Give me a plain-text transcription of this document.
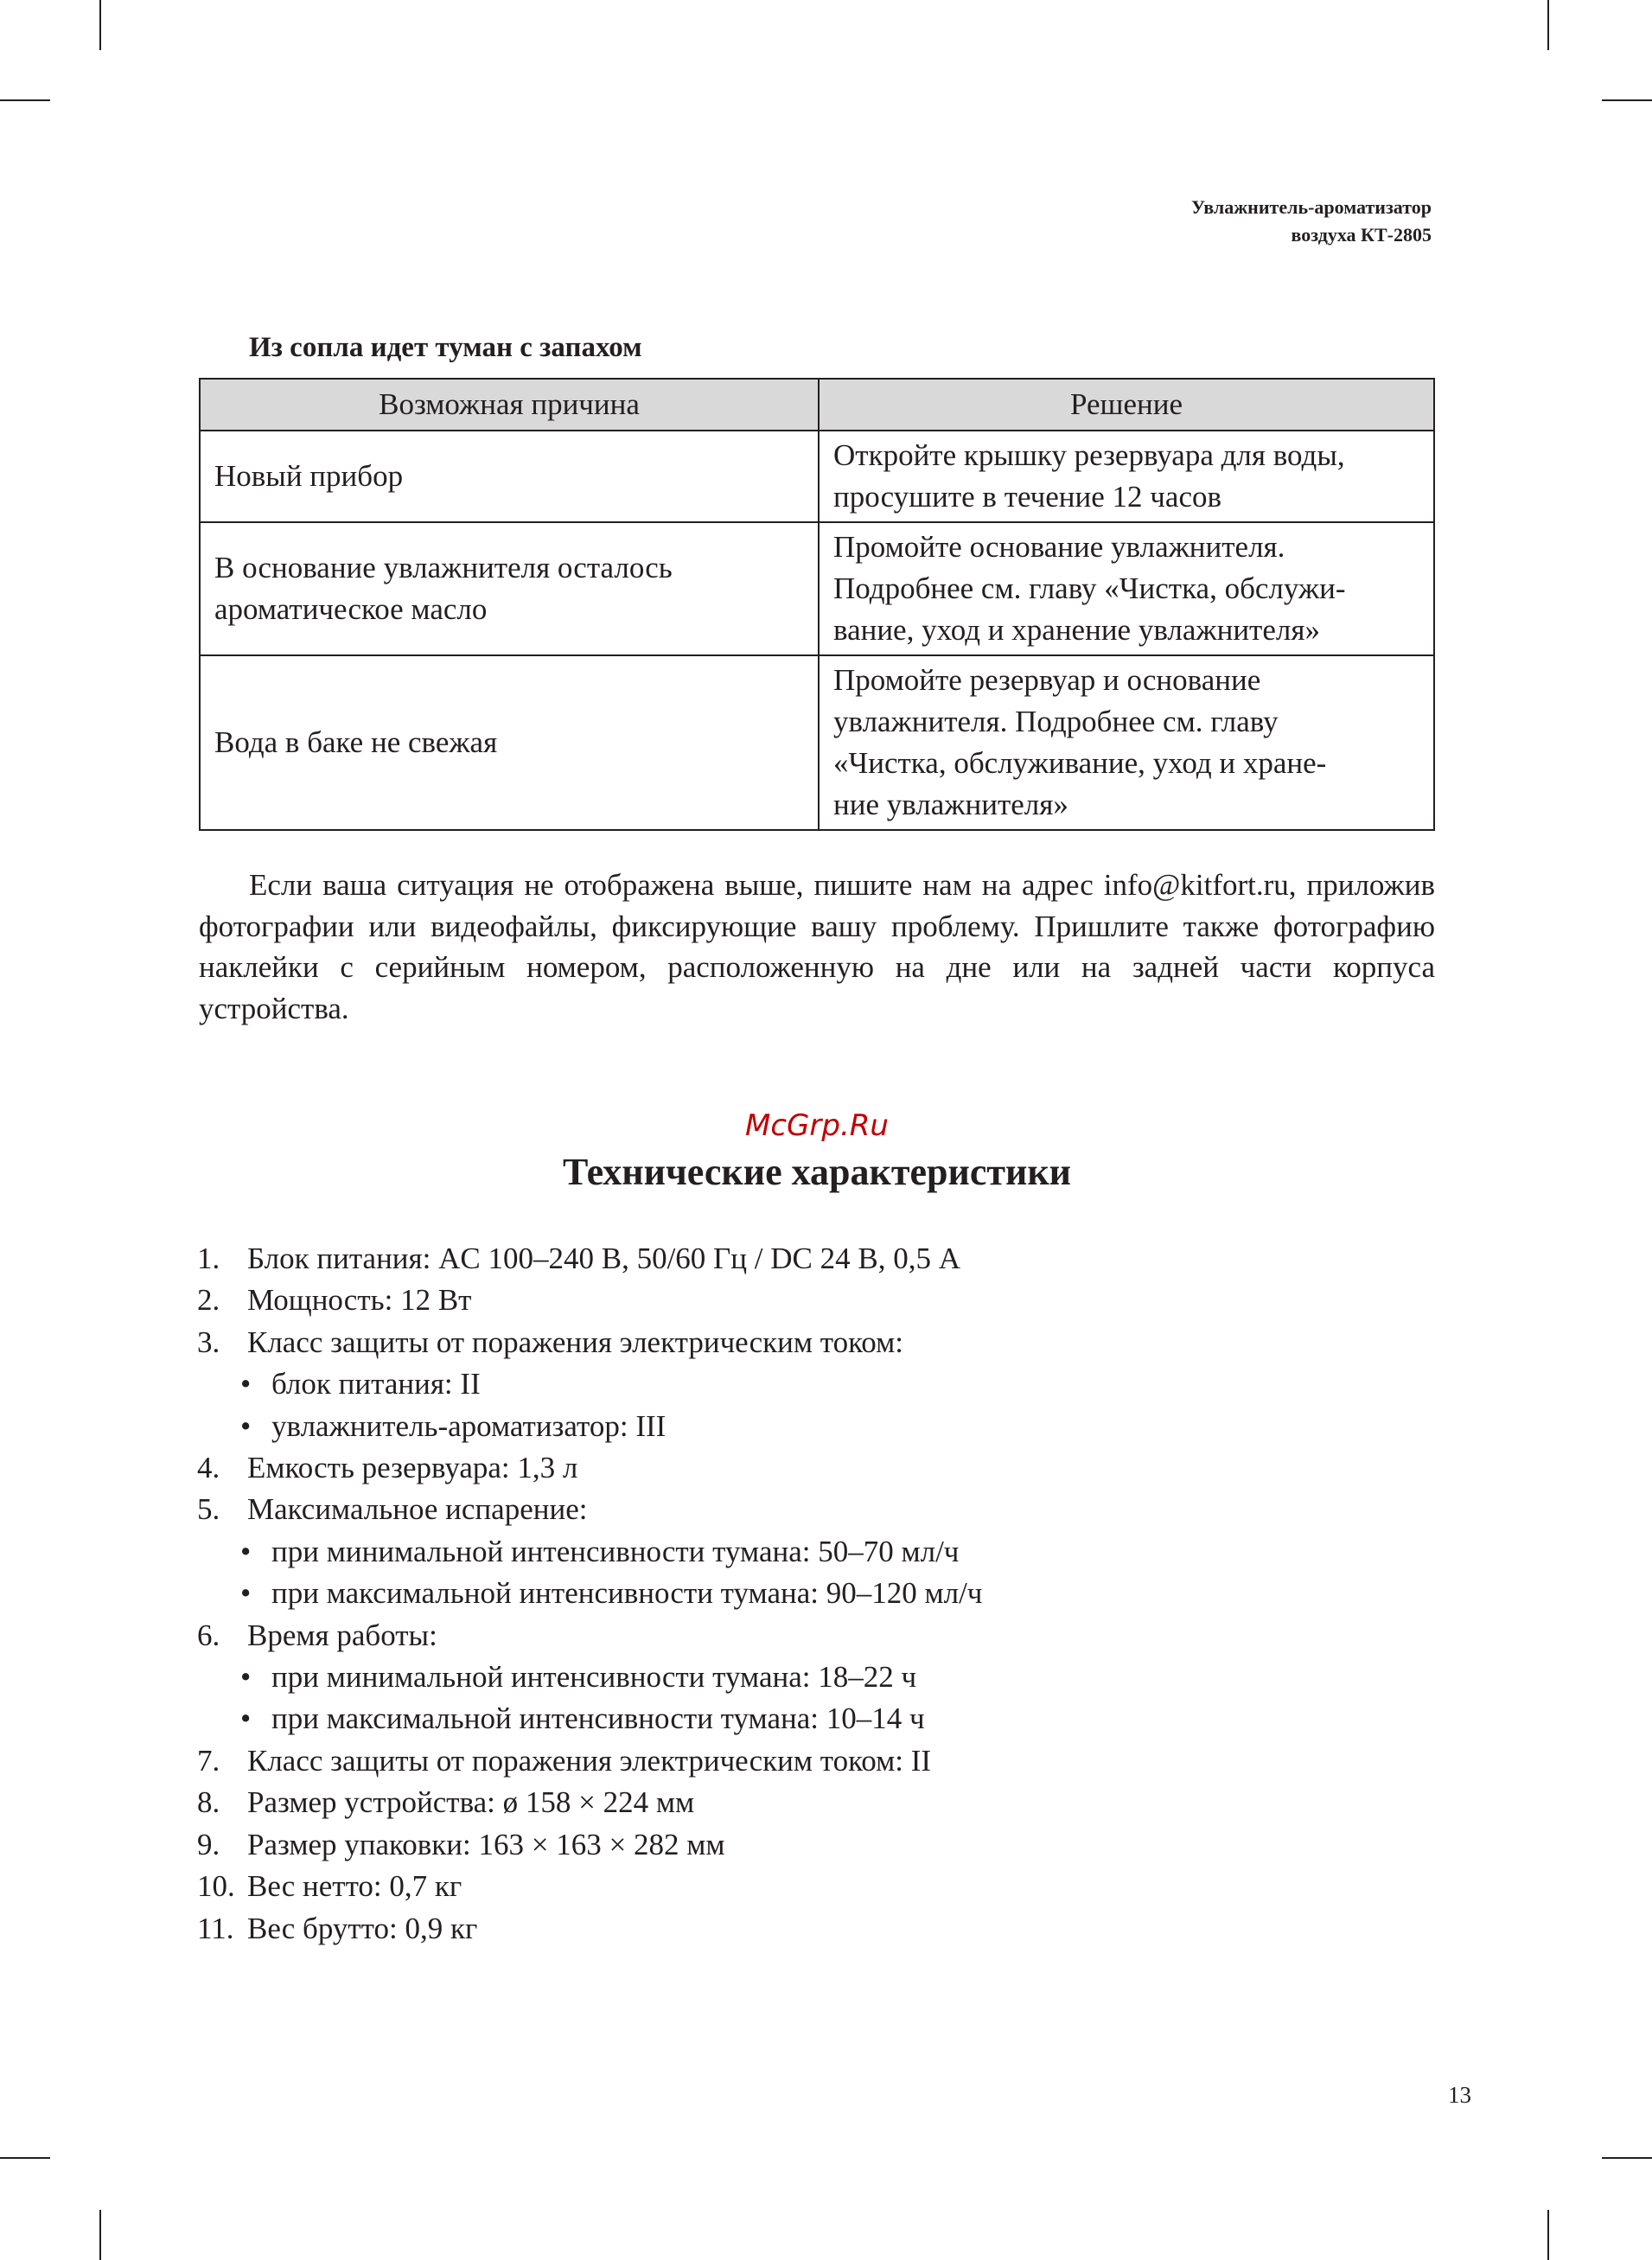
Увлажнитель-ароматизатор
воздуха КТ-2805
Из сопла идет туман с запахом
Возможная причина	Решение
Новый прибор	Откройте крышку резервуара для воды,
просушите в течение 12 часов

В основание увлажнителя осталось ароматическое масло	Промойте основание увлажнителя.
Подробнее см. главу «Чистка, обслужи-
вание, уход и хранение увлажнителя»

Вода в баке не свежая	Промойте резервуар и основание
увлажнителя. Подробнее см. главу
«Чистка, обслуживание, уход и хране-
ние увлажнителя»

Если ваша ситуация не отображена выше, пишите нам на адрес info@kitfort.ru, приложив фотографии или видеофайлы, фиксирующие вашу проблему. Пришлите также фотографию наклейки с серийным номером, расположенную на дне или на задней части корпуса устройства.

McGrp.Ru
Технические характеристики
1. Блок питания: AC 100–240 В, 50/60 Гц / DC 24 В, 0,5 А
2. Мощность: 12 Вт
3. Класс защиты от поражения электрическим током:
• блок питания: II
• увлажнитель-ароматизатор: III
4. Емкость резервуара: 1,3 л
5. Максимальное испарение:
• при минимальной интенсивности тумана: 50–70 мл/ч
• при максимальной интенсивности тумана: 90–120 мл/ч
6. Время работы:
• при минимальной интенсивности тумана: 18–22 ч
• при максимальной интенсивности тумана: 10–14 ч
7. Класс защиты от поражения электрическим током: II
8. Размер устройства: ø 158 × 224 мм
9. Размер упаковки: 163 × 163 × 282 мм
10. Вес нетто: 0,7 кг
11. Вес брутто: 0,9 кг
13
